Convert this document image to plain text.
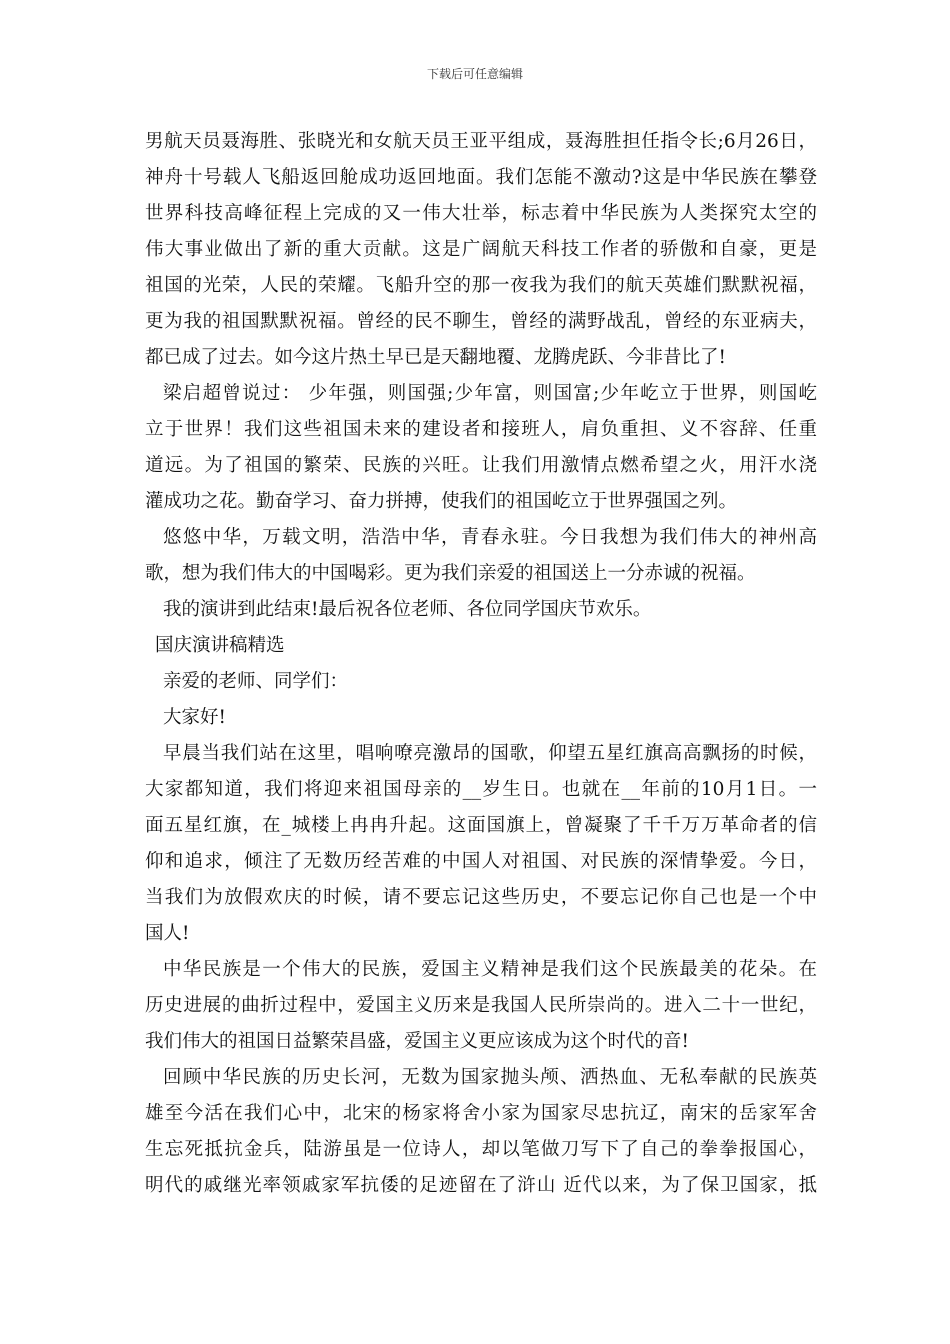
下载后可任意编辑
男航天员聂海胜、张晓光和女航天员王亚平组成，聂海胜担任指令长;6月26日，
神舟十号载人飞船返回舱成功返回地面。我们怎能不激动?这是中华民族在攀登
世界科技高峰征程上完成的又一伟大壮举，标志着中华民族为人类探究太空的
伟大事业做出了新的重大贡献。这是广阔航天科技工作者的骄傲和自豪，更是
祖国的光荣，人民的荣耀。飞船升空的那一夜我为我们的航天英雄们默默祝福，
更为我的祖国默默祝福。曾经的民不聊生，曾经的满野战乱，曾经的东亚病夫，
都已成了过去。如今这片热土早已是天翻地覆、龙腾虎跃、今非昔比了!
梁启超曾说过： 少年强，则国强;少年富，则国富;少年屹立于世界，则国屹
立于世界！我们这些祖国未来的建设者和接班人，肩负重担、义不容辞、任重
道远。为了祖国的繁荣、民族的兴旺。让我们用激情点燃希望之火，用汗水浇
灌成功之花。勤奋学习、奋力拼搏，使我们的祖国屹立于世界强国之列。
悠悠中华，万载文明，浩浩中华，青春永驻。今日我想为我们伟大的神州高
歌，想为我们伟大的中国喝彩。更为我们亲爱的祖国送上一分赤诚的祝福。
我的演讲到此结束!最后祝各位老师、各位同学国庆节欢乐。
国庆演讲稿精选
亲爱的老师、同学们：
大家好!
早晨当我们站在这里，唱响嘹亮激昂的国歌，仰望五星红旗高高飘扬的时候，
大家都知道，我们将迎来祖国母亲的__岁生日。也就在__年前的10月1日。一
面五星红旗，在_城楼上冉冉升起。这面国旗上，曾凝聚了千千万万革命者的信
仰和追求，倾注了无数历经苦难的中国人对祖国、对民族的深情挚爱。今日，
当我们为放假欢庆的时候，请不要忘记这些历史，不要忘记你自己也是一个中
国人!
中华民族是一个伟大的民族，爱国主义精神是我们这个民族最美的花朵。在
历史进展的曲折过程中，爱国主义历来是我国人民所崇尚的。进入二十一世纪，
我们伟大的祖国日益繁荣昌盛，爱国主义更应该成为这个时代的音!
回顾中华民族的历史长河，无数为国家抛头颅、洒热血、无私奉献的民族英
雄至今活在我们心中，北宋的杨家将舍小家为国家尽忠抗辽，南宋的岳家军舍
生忘死抵抗金兵，陆游虽是一位诗人，却以笔做刀写下了自己的拳拳报国心，
明代的戚继光率领戚家军抗倭的足迹留在了浒山 近代以来，为了保卫国家，抵
